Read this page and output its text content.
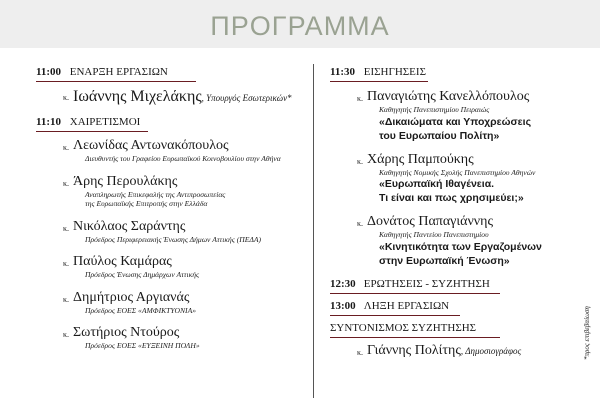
ΠΡΟΓΡΑΜΜΑ
11:00 ΕΝΑΡΞΗ ΕΡΓΑΣΙΩΝ
κ. Ιωάννης Μιχελάκης, Υπουργός Εσωτερικών*
11:10 ΧΑΙΡΕΤΙΣΜΟΙ
κ. Λεωνίδας Αντωνακόπουλος
Διευθυντής του Γραφείου Ευρωπαϊκού Κοινοβουλίου στην Αθήνα
κ. Άρης Περουλάκης
Αναπληρωτής Επικεφαλής της Αντιπροσωπείας
της Ευρωπαϊκής Επιτροπής στην Ελλάδα
κ. Νικόλαος Σαράντης
Πρόεδρος Περιφερειακής Ένωσης Δήμων Αττικής (ΠΕΔΑ)
κ. Παύλος Καμάρας
Πρόεδρος Ένωσης Δημάρχων Αττικής
κ. Δημήτριος Αργιανάς
Πρόεδρος ΕΟΕΣ «ΑΜΦΙΚΤΥΟΝΙΑ»
κ. Σωτήριος Ντούρος
Πρόεδρος ΕΟΕΣ «ΕΥΞΕΙΝΗ ΠΟΛΗ»
11:30 ΕΙΣΗΓΗΣΕΙΣ
κ. Παναγιώτης Κανελλόπουλος
Καθηγητής Πανεπιστημίου Πειραιώς
«Δικαιώματα και Υποχρεώσεις
του Ευρωπαίου Πολίτη»
κ. Χάρης Παμπούκης
Καθηγητής Νομικής Σχολής Πανεπιστημίου Αθηνών
«Ευρωπαϊκή Ιθαγένεια.
Τι είναι και πως χρησιμεύει;»
κ. Δονάτος Παπαγιάννης
Καθηγητής Παντείου Πανεπιστημίου
«Κινητικότητα των Εργαζομένων
στην Ευρωπαϊκή Ένωση»
12:30 ΕΡΩΤΗΣΕΙΣ - ΣΥΖΗΤΗΣΗ
13:00 ΛΗΞΗ ΕΡΓΑΣΙΩΝ
ΣΥΝΤΟΝΙΣΜΟΣ ΣΥΖΗΤΗΣΗΣ
κ. Γιάννης Πολίτης, Δημοσιογράφος	*προς επιβεβαίωση
